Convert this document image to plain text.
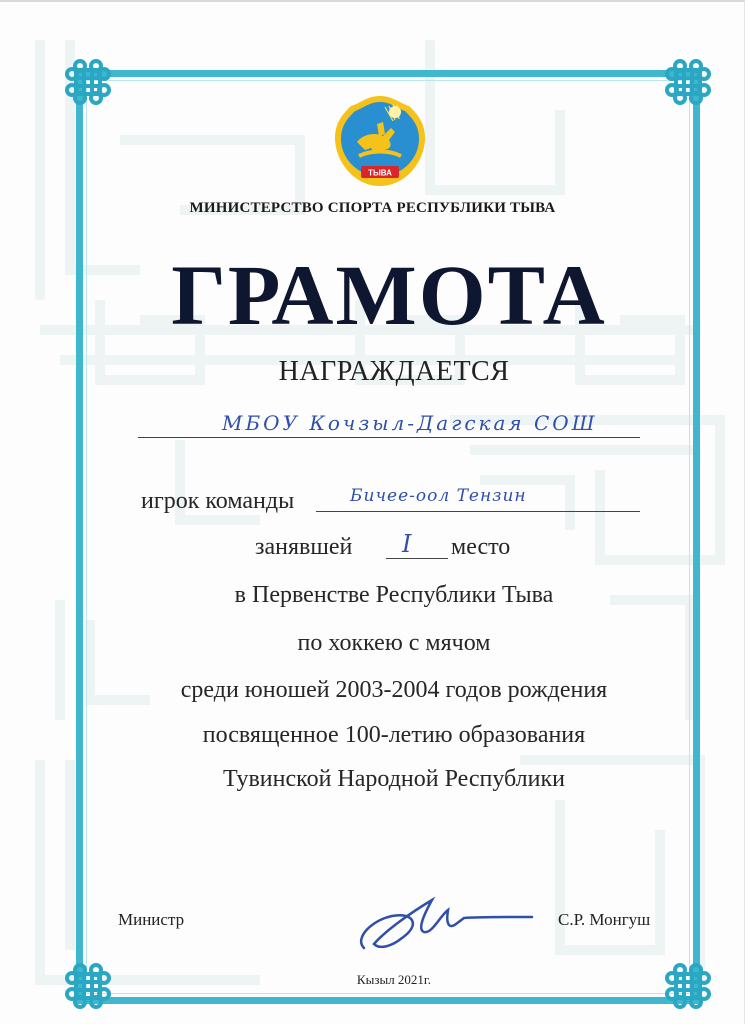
ТЫВА
МИНИСТЕРСТВО СПОРТА РЕСПУБЛИКИ ТЫВА
ГРАМОТА
НАГРАЖДАЕТСЯ
МБОУ Кочзыл-Дагская СОШ
игрок команды	Бичее-оол Тензин
занявшей I место
в Первенстве Республики Тыва
по хоккею с мячом
среди юношей 2003-2004 годов рождения
посвященное 100-летию образования
Тувинской Народной Республики
Министр	С.Р. Монгуш
Кызыл 2021г.
